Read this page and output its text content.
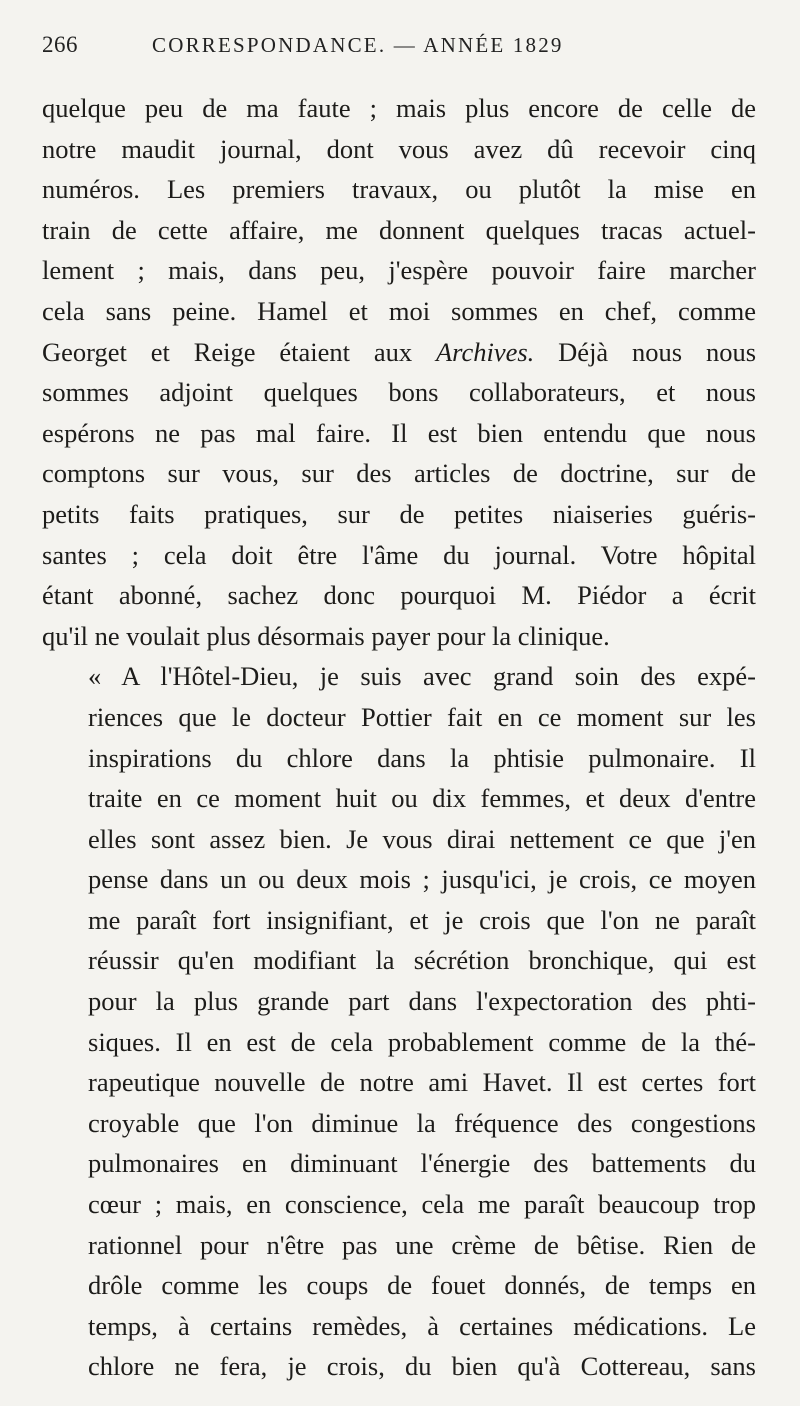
266	CORRESPONDANCE. — ANNÉE 1829

quelque peu de ma faute ; mais plus encore de celle de
notre maudit journal, dont vous avez dû recevoir cinq
numéros. Les premiers travaux, ou plutôt la mise en
train de cette affaire, me donnent quelques tracas actuel-
lement ; mais, dans peu, j'espère pouvoir faire marcher
cela sans peine. Hamel et moi sommes en chef, comme
Georget et Reige étaient aux Archives. Déjà nous nous
sommes adjoint quelques bons collaborateurs, et nous
espérons ne pas mal faire. Il est bien entendu que nous
comptons sur vous, sur des articles de doctrine, sur de
petits faits pratiques, sur de petites niaiseries guéris-
santes ; cela doit être l'âme du journal. Votre hôpital
étant abonné, sachez donc pourquoi M. Piédor a écrit
qu'il ne voulait plus désormais payer pour la clinique.

« A l'Hôtel-Dieu, je suis avec grand soin des expé-
riences que le docteur Pottier fait en ce moment sur les
inspirations du chlore dans la phtisie pulmonaire. Il
traite en ce moment huit ou dix femmes, et deux d'entre
elles sont assez bien. Je vous dirai nettement ce que j'en
pense dans un ou deux mois ; jusqu'ici, je crois, ce moyen
me paraît fort insignifiant, et je crois que l'on ne paraît
réussir qu'en modifiant la sécrétion bronchique, qui est
pour la plus grande part dans l'expectoration des phti-
siques. Il en est de cela probablement comme de la thé-
rapeutique nouvelle de notre ami Havet. Il est certes fort
croyable que l'on diminue la fréquence des congestions
pulmonaires en diminuant l'énergie des battements du
cœur ; mais, en conscience, cela me paraît beaucoup trop
rationnel pour n'être pas une crème de bêtise. Rien de
drôle comme les coups de fouet donnés, de temps en
temps, à certains remèdes, à certaines médications. Le
chlore ne fera, je crois, du bien qu'à Cottereau, sans
